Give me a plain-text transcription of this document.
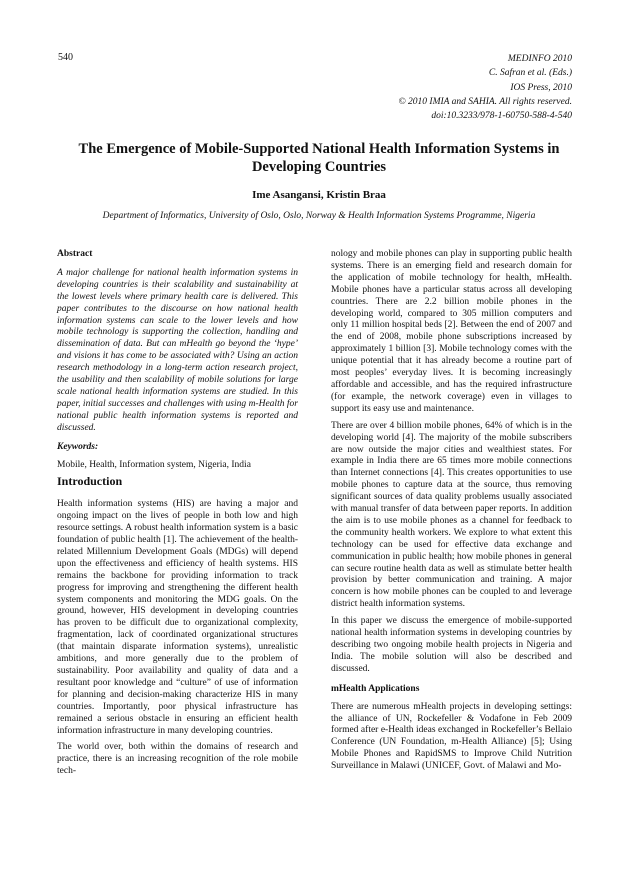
540	MEDINFO 2010
C. Safran et al. (Eds.)
IOS Press, 2010
© 2010 IMIA and SAHIA. All rights reserved.
doi:10.3233/978-1-60750-588-4-540
The Emergence of Mobile-Supported National Health Information Systems in Developing Countries
Ime Asangansi, Kristin Braa
Department of Informatics, University of Oslo, Oslo, Norway & Health Information Systems Programme, Nigeria
Abstract

A major challenge for national health information systems in developing countries is their scalability and sustainability at the lowest levels where primary health care is delivered. This paper contributes to the discourse on how national health information systems can scale to the lower levels and how mobile technology is supporting the collection, handling and dissemination of data. But can mHealth go beyond the ‘hype’ and visions it has come to be associated with? Using an action research methodology in a long-term action research project, the usability and then scalability of mobile solutions for large scale national health information systems are studied. In this paper, initial successes and challenges with using m-Health for national public health information systems is reported and discussed.

Keywords:

Mobile, Health, Information system, Nigeria, India

Introduction

Health information systems (HIS) are having a major and ongoing impact on the lives of people in both low and high resource settings. A robust health information system is a basic foundation of public health [1]. The achievement of the health-related Millennium Development Goals (MDGs) will depend upon the effectiveness and efficiency of health systems. HIS remains the backbone for providing information to track progress for improving and strengthening the different health system components and monitoring the MDG goals. On the ground, however, HIS development in developing countries has proven to be difficult due to organizational complexity, fragmentation, lack of coordinated organizational structures (that maintain disparate information systems), unrealistic ambitions, and more generally due to the problem of sustainability. Poor availability and quality of data and a resultant poor knowledge and “culture” of use of information for planning and decision-making characterize HIS in many countries. Importantly, poor physical infrastructure has remained a serious obstacle in ensuring an efficient health information infrastructure in many developing countries.

The world over, both within the domains of research and practice, there is an increasing recognition of the role mobile tech-

nology and mobile phones can play in supporting public health systems. There is an emerging field and research domain for the application of mobile technology for health, mHealth. Mobile phones have a particular status across all developing countries. There are 2.2 billion mobile phones in the developing world, compared to 305 million computers and only 11 million hospital beds [2]. Between the end of 2007 and the end of 2008, mobile phone subscriptions increased by approximately 1 billion [3]. Mobile technology comes with the unique potential that it has already become a routine part of most peoples’ everyday lives. It is becoming increasingly affordable and accessible, and has the required infrastructure (for example, the network coverage) even in villages to support its easy use and maintenance.

There are over 4 billion mobile phones, 64% of which is in the developing world [4]. The majority of the mobile subscribers are now outside the major cities and wealthiest states. For example in India there are 65 times more mobile connections than Internet connections [4]. This creates opportunities to use mobile phones to capture data at the source, thus removing significant sources of data quality problems usually associated with manual transfer of data between paper reports. In addition the aim is to use mobile phones as a channel for feedback to the community health workers. We explore to what extent this technology can be used for effective data exchange and communication in public health; how mobile phones in general can secure routine health data as well as stimulate better health provision by better communication and training. A major concern is how mobile phones can be coupled to and leverage district health information systems.

In this paper we discuss the emergence of mobile-supported national health information systems in developing countries by describing two ongoing mobile health projects in Nigeria and India. The mobile solution will also be described and discussed.

mHealth Applications

There are numerous mHealth projects in developing settings: the alliance of UN, Rockefeller & Vodafone in Feb 2009 formed after e-Health ideas exchanged in Rockefeller’s Bellaio Conference (UN Foundation, m-Health Alliance) [5]; Using Mobile Phones and RapidSMS to Improve Child Nutrition Surveillance in Malawi (UNICEF, Govt. of Malawi and Mo-
